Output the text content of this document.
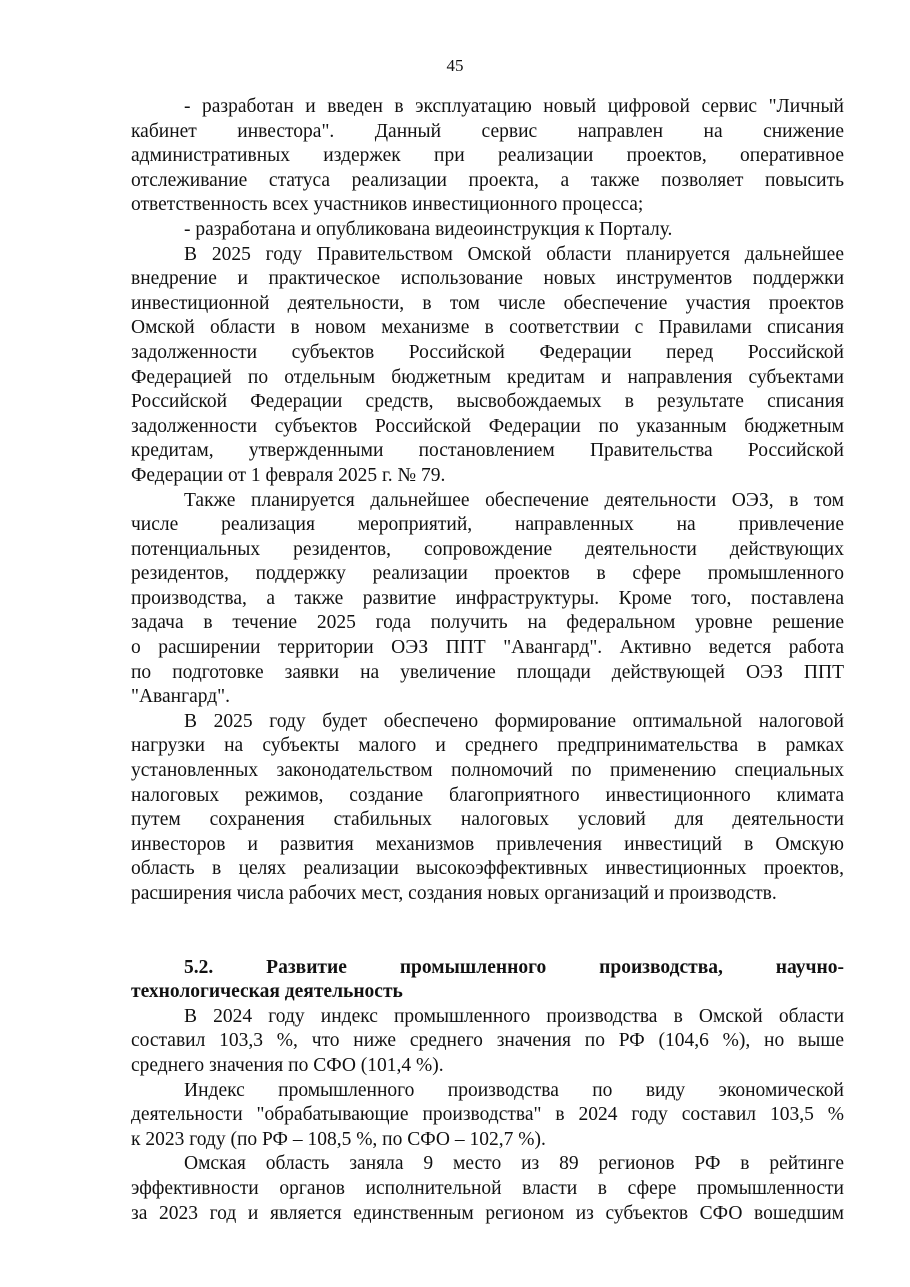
45
- разработан и введен в эксплуатацию новый цифровой сервис "Личный
кабинет инвестора". Данный сервис направлен на снижение
административных издержек при реализации проектов, оперативное
отслеживание статуса реализации проекта, а также позволяет повысить
ответственность всех участников инвестиционного процесса;
- разработана и опубликована видеоинструкция к Порталу.
В 2025 году Правительством Омской области планируется дальнейшее
внедрение и практическое использование новых инструментов поддержки
инвестиционной деятельности, в том числе обеспечение участия проектов
Омской области в новом механизме в соответствии с Правилами списания
задолженности субъектов Российской Федерации перед Российской
Федерацией по отдельным бюджетным кредитам и направления субъектами
Российской Федерации средств, высвобождаемых в результате списания
задолженности субъектов Российской Федерации по указанным бюджетным
кредитам, утвержденными постановлением Правительства Российской
Федерации от 1 февраля 2025 г. № 79.
Также планируется дальнейшее обеспечение деятельности ОЭЗ, в том
числе реализация мероприятий, направленных на привлечение
потенциальных резидентов, сопровождение деятельности действующих
резидентов, поддержку реализации проектов в сфере промышленного
производства, а также развитие инфраструктуры. Кроме того, поставлена
задача в течение 2025 года получить на федеральном уровне решение
о расширении территории ОЭЗ ППТ "Авангард". Активно ведется работа
по подготовке заявки на увеличение площади действующей ОЭЗ ППТ
"Авангард".
В 2025 году будет обеспечено формирование оптимальной налоговой
нагрузки на субъекты малого и среднего предпринимательства в рамках
установленных законодательством полномочий по применению специальных
налоговых режимов, создание благоприятного инвестиционного климата
путем сохранения стабильных налоговых условий для деятельности
инвесторов и развития механизмов привлечения инвестиций в Омскую
область в целях реализации высокоэффективных инвестиционных проектов,
расширения числа рабочих мест, создания новых организаций и производств.
5.2. Развитие промышленного производства, научно-
технологическая деятельность
В 2024 году индекс промышленного производства в Омской области
составил 103,3 %, что ниже среднего значения по РФ (104,6 %), но выше
среднего значения по СФО (101,4 %).
Индекс промышленного производства по виду экономической
деятельности "обрабатывающие производства" в 2024 году составил 103,5 %
к 2023 году (по РФ – 108,5 %, по СФО – 102,7 %).
Омская область заняла 9 место из 89 регионов РФ в рейтинге
эффективности органов исполнительной власти в сфере промышленности
за 2023 год и является единственным регионом из субъектов СФО вошедшим
